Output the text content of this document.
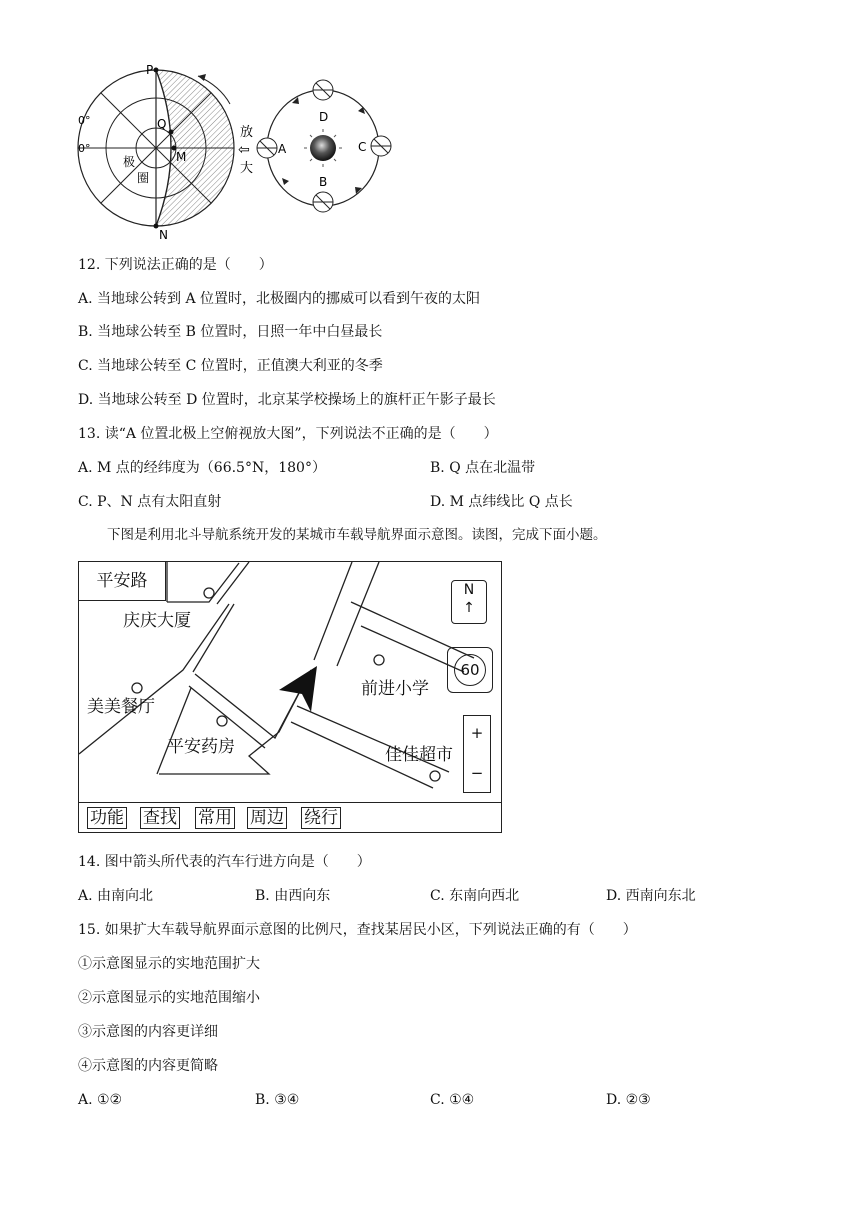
P
Q
M
N
0°
0°
极
圈
放
⇦
大
D
B
A	C
12. 下列说法正确的是（　　）
A. 当地球公转到 A 位置时，北极圈内的挪威可以看到午夜的太阳
B. 当地球公转至 B 位置时，日照一年中白昼最长
C. 当地球公转至 C 位置时，正值澳大利亚的冬季
D. 当地球公转至 D 位置时，北京某学校操场上的旗杆正午影子最长
13. 读“A 位置北极上空俯视放大图”，下列说法不正确的是（　　）
A. M 点的经纬度为（66.5°N，180°）	B. Q 点在北温带
C. P、N 点有太阳直射	D. M 点纬线比 Q 点长
下图是利用北斗导航系统开发的某城市车载导航界面示意图。读图，完成下面小题。
平安路
庆庆大厦
美美餐厅
平安药房
前进小学
佳佳超市
N
↑
60
+
−
功能 查找 常用 周边 绕行
14. 图中箭头所代表的汽车行进方向是（　　）
A. 由南向北	B. 由西向东	C. 东南向西北	D. 西南向东北
15. 如果扩大车载导航界面示意图的比例尺，查找某居民小区，下列说法正确的有（　　）
①示意图显示的实地范围扩大
②示意图显示的实地范围缩小
③示意图的内容更详细
④示意图的内容更简略
A. ①②	B. ③④	C. ①④	D. ②③
